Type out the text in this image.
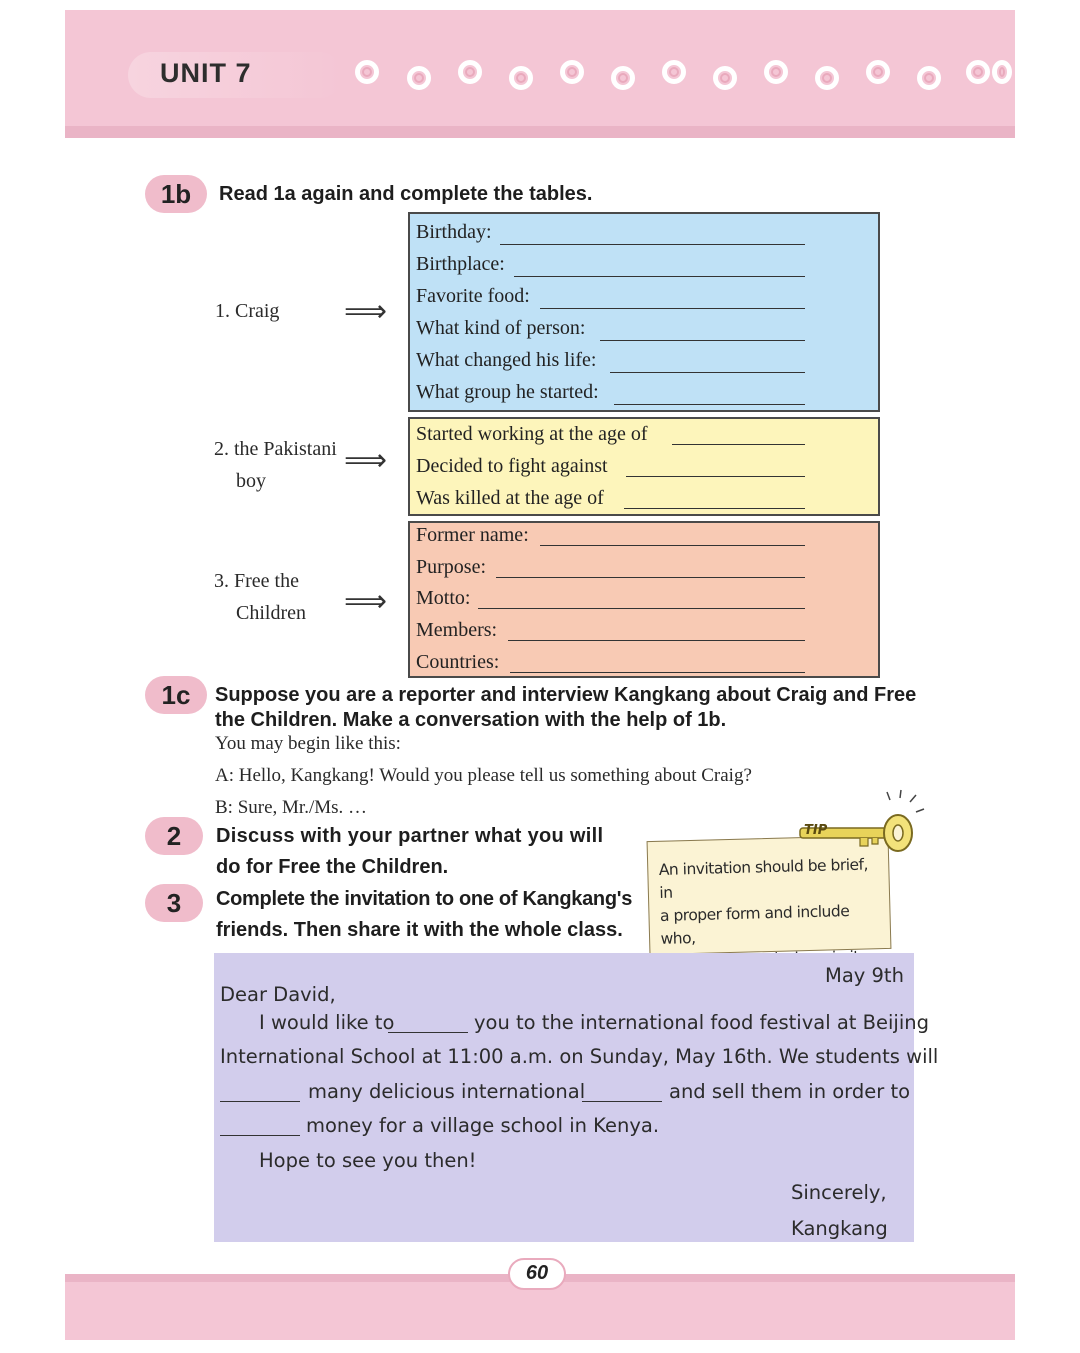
UNIT 7
1b	Read 1a again and complete the tables.
1. Craig ⟹
Birthday:
Birthplace:
Favorite food:
What kind of person:
What changed his life:
What group he started:
2. the Pakistani
boy
⟹
Started working at the age of
Decided to fight against
Was killed at the age of
3. Free the
Children ⟹
Former name:
Purpose:
Motto:
Members:
Countries:
1c	Suppose you are a reporter and interview Kangkang about Craig and Free
the Children. Make a conversation with the help of 1b.
You may begin like this:
A: Hello, Kangkang! Would you please tell us something about Craig?
B: Sure, Mr./Ms. …
2	Discuss with your partner what you will
do for Free the Children.
3	Complete the invitation to one of Kangkang's
friends. Then share it with the whole class.
TIP
An invitation should be brief, in
a proper form and include who,
May 9th
Dear David,
I would like to	you to the international food festival at Beijing
International School at 11:00 a.m. on Sunday, May 16th. We students will
many delicious international	and sell them in order to
money for a village school in Kenya.
Hope to see you then!
Sincerely,
Kangkang
60
